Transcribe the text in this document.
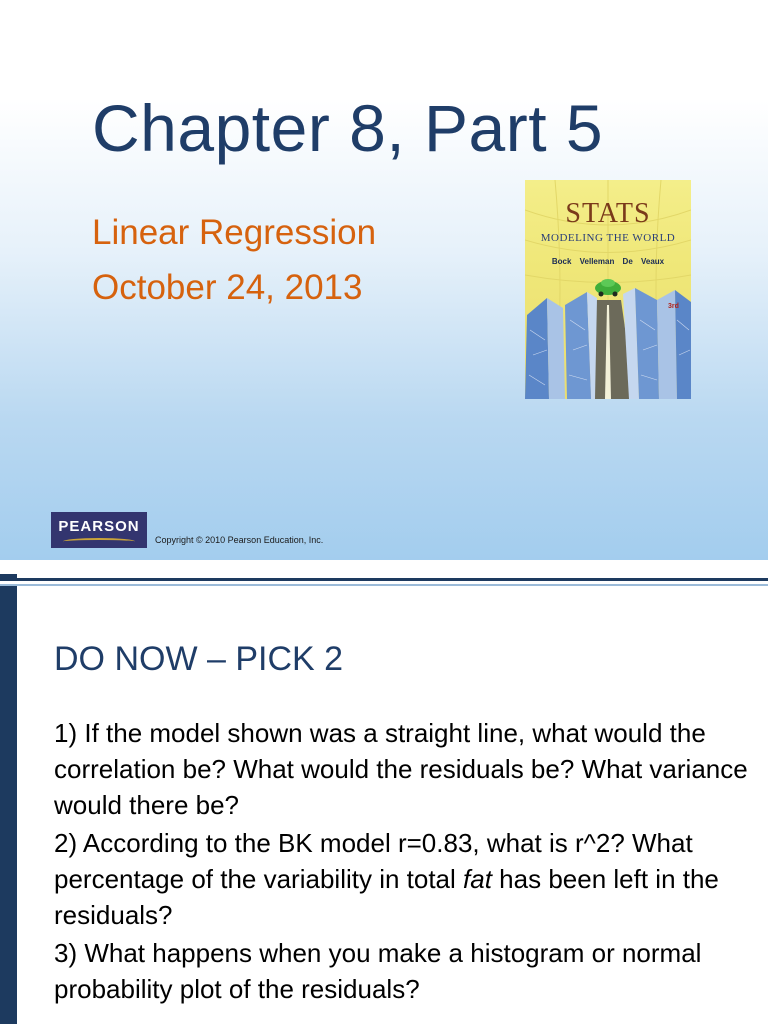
Chapter 8, Part 5

Linear Regression

October 24, 2013

STATS
MODELING THE WORLD
Bock Velleman De Veaux
3rd
PEARSON
Copyright © 2010 Pearson Education, Inc.
DO NOW – PICK 2
1) If the model shown was a straight line, what would the correlation be? What would the residuals be? What variance would there be?
2) According to the BK model r=0.83, what is r^2? What percentage of the variability in total fat has been left in the residuals?
3) What happens when you make a histogram or normal probability plot of the residuals?
